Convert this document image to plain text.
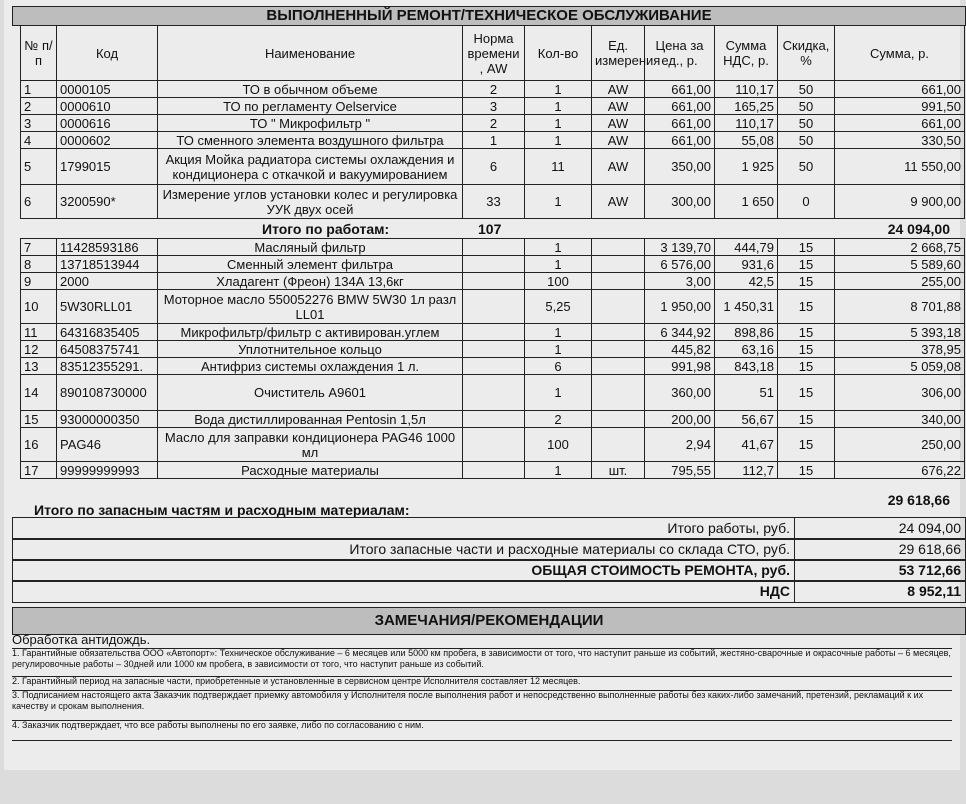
ВЫПОЛНЕННЫЙ РЕМОНТ/ТЕХНИЧЕСКОЕ ОБСЛУЖИВАНИЕ
№ п/п	Код	Наименование	Норма времени , AW	Кол-во	Ед. измерения	Цена за ед., р.	Сумма НДС, р.	Скидка, %	Сумма, р.
1	0000105	ТО в обычном объеме	2	1	AW	661,00	110,17	50	661,00
2	0000610	ТО по регламенту Oelservice	3	1	AW	661,00	165,25	50	991,50
3	0000616	ТО " Микрофильтр "	2	1	AW	661,00	110,17	50	661,00
4	0000602	ТО сменного элемента воздушного фильтра	1	1	AW	661,00	55,08	50	330,50
5	1799015	Акция Мойка радиатора системы охлаждения и кондиционера с откачкой и вакуумированием	6	11	AW	350,00	1 925	50	11 550,00
6	3200590*	Измерение углов установки колес и регулировка УУК двух осей	33	1	AW	300,00	1 650	0	9 900,00
Итого по работам:	107	24 094,00
7	11428593186	Масляный фильтр		1		3 139,70	444,79	15	2 668,75
8	13718513944	Сменный элемент фильтра		1		6 576,00	931,6	15	5 589,60
9	2000	Хладагент (Фреон) 134А 13,6кг		100		3,00	42,5	15	255,00
10	5W30RLL01	Моторное масло 550052276 BMW 5W30 1л разл LL01		5,25		1 950,00	1 450,31	15	8 701,88
11	64316835405	Микрофильтр/фильтр с активирован.углем		1		6 344,92	898,86	15	5 393,18
12	64508375741	Уплотнительное кольцо		1		445,82	63,16	15	378,95
13	83512355291.	Антифриз системы охлаждения 1 л.		6		991,98	843,18	15	5 059,08
14	890108730000	Очиститель А9601		1		360,00	51	15	306,00
15	93000000350	Вода дистиллированная Pentosin 1,5л		2		200,00	56,67	15	340,00
16	PAG46	Масло для заправки кондиционера PAG46 1000 мл		100		2,94	41,67	15	250,00
17	99999999993	Расходные материалы		1	шт.	795,55	112,7	15	676,22
Итого по запасным частям и расходным материалам:
29 618,66
Итого работы, руб.	24 094,00
Итого запасные части и расходные материалы со склада СТО, руб.	29 618,66
ОБЩАЯ СТОИМОСТЬ РЕМОНТА, руб.	53 712,66
НДС	8 952,11
ЗАМЕЧАНИЯ/РЕКОМЕНДАЦИИ
Обработка антидождь.
1. Гарантийные обязательства ООО «Автопорт»: Техническое обслуживание – 6 месяцев или 5000 км пробега, в зависимости от того, что наступит раньше из событий, жестяно-сварочные и окрасочные работы – 6 месяцев, регулировочные работы – 30дней или 1000 км пробега, в зависимости от того, что наступит раньше из событий.
2. Гарантийный период на запасные части, приобретенные и установленные в сервисном центре Исполнителя составляет 12 месяцев.
3. Подписанием настоящего акта Заказчик подтверждает приемку автомобиля у Исполнителя после выполнения работ и непосредственно выполненные работы без каких-либо замечаний, претензий, рекламаций к их качеству и срокам выполнения.
4. Заказчик подтверждает, что все работы выполнены по его заявке, либо по согласованию с ним.
